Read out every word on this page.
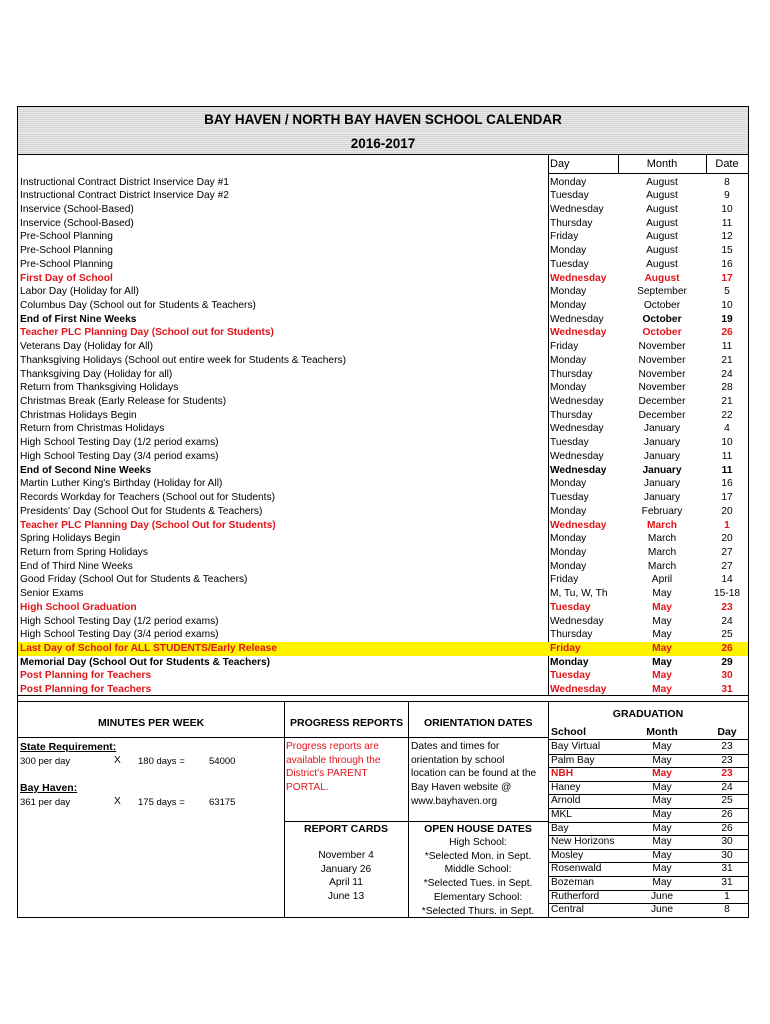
BAY HAVEN / NORTH BAY HAVEN SCHOOL CALENDAR
2016-2017
Day	Month	Date
Instructional Contract District Inservice Day #1	Monday	August	8
Instructional Contract District Inservice Day #2	Tuesday	August	9
Inservice (School-Based)	Wednesday	August	10
Inservice (School-Based)	Thursday	August	11
Pre-School Planning	Friday	August	12
Pre-School Planning	Monday	August	15
Pre-School Planning	Tuesday	August	16
First Day of School	Wednesday	August	17
Labor Day (Holiday for All)	Monday	September	5
Columbus Day (School out for Students & Teachers)	Monday	October	10
End of First Nine Weeks	Wednesday	October	19
Teacher PLC Planning Day (School out for Students)	Wednesday	October	26
Veterans Day (Holiday for All)	Friday	November	11
Thanksgiving Holidays (School out entire week for Students & Teachers)	Monday	November	21
Thanksgiving Day (Holiday for all)	Thursday	November	24
Return from Thanksgiving Holidays	Monday	November	28
Christmas Break (Early Release for Students)	Wednesday	December	21
Christmas Holidays Begin	Thursday	December	22
Return from Christmas Holidays	Wednesday	January	4
High School Testing Day (1/2 period exams)	Tuesday	January	10
High School Testing Day (3/4 period exams)	Wednesday	January	11
End of Second Nine Weeks	Wednesday	January	11
Martin Luther King's Birthday (Holiday for All)	Monday	January	16
Records Workday for Teachers (School out for Students)	Tuesday	January	17
Presidents' Day (School Out for Students & Teachers)	Monday	February	20
Teacher PLC Planning Day (School Out for Students)	Wednesday	March	1
Spring Holidays Begin	Monday	March	20
Return from Spring Holidays	Monday	March	27
End of Third Nine Weeks	Monday	March	27
Good Friday (School Out for Students & Teachers)	Friday	April	14
Senior Exams	M, Tu, W, Th	May	15-18
High School Graduation	Tuesday	May	23
High School Testing Day (1/2 period exams)	Wednesday	May	24
High School Testing Day (3/4 period exams)	Thursday	May	25
Last Day of School for ALL STUDENTS/Early Release	Friday	May	26
Memorial Day (School Out for Students & Teachers)	Monday	May	29
Post Planning for Teachers	Tuesday	May	30
Post Planning for Teachers	Wednesday	May	31
MINUTES PER WEEK
State Requirement:
300 per day	X 180 days =	54000
Bay Haven:
361 per day	X 175 days =	63175
PROGRESS REPORTS
Progress reports are
available through the
District's PARENT
PORTAL.
REPORT CARDS
November 4
January 26
April 11
June 13
ORIENTATION DATES
Dates and times for
orientation by school
location can be found at the
Bay Haven website @
www.bayhaven.org
OPEN HOUSE DATES
High School:
*Selected Mon. in Sept.
Middle School:
*Selected Tues. in Sept.
Elementary School:
*Selected Thurs. in Sept.
GRADUATION
School	Month	Day
Bay Virtual	May	23
Palm Bay	May	23
NBH	May	23
Haney	May	24
Arnold	May	25
MKL	May	26
Bay	May	26
New Horizons	May	30
Mosley	May	30
Rosenwald	May	31
Bozeman	May	31
Rutherford	June	1
Central	June	8
